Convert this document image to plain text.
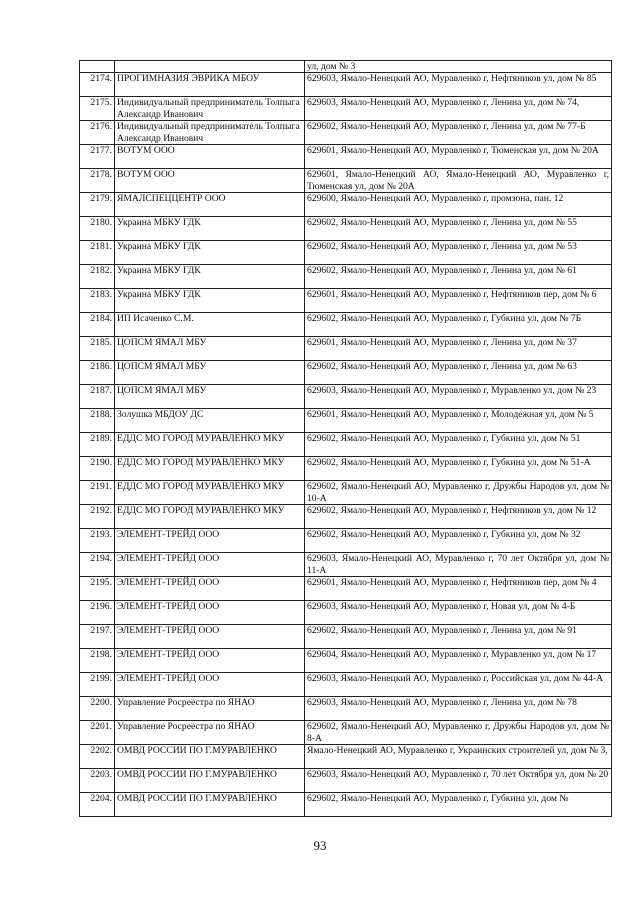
		ул, дом № 3
2174.	ПРОГИМНАЗИЯ ЭВРИКА МБОУ	629603, Ямало-Ненецкий АО, Муравленко г, Нефтяников ул, дом № 85
2175.	Индивидуальный предприниматель Толпыга Александр Иванович	629603, Ямало-Ненецкий АО, Муравленко г, Ленина ул, дом № 74,
2176.	Индивидуальный предприниматель Толпыга Александр Иванович	629602, Ямало-Ненецкий АО, Муравленко г, Ленина ул, дом № 77-Б
2177.	ВОТУМ ООО	629601, Ямало-Ненецкий АО, Муравленко г, Тюменская ул, дом № 20А
2178.	ВОТУМ ООО	629601, Ямало-Ненецкий АО, Ямало-Ненецкий АО, Муравленко г, Тюменская ул, дом № 20А
2179.	ЯМАЛСПЕЦЦЕНТР ООО	629600, Ямало-Ненецкий АО, Муравленко г, промзона, пан. 12
2180.	Украина МБКУ ГДК	629602, Ямало-Ненецкий АО, Муравленко г, Ленина ул, дом № 55
2181.	Украина МБКУ ГДК	629602, Ямало-Ненецкий АО, Муравленко г, Ленина ул, дом № 53
2182.	Украина МБКУ ГДК	629602, Ямало-Ненецкий АО, Муравленко г, Ленина ул, дом № 61
2183.	Украина МБКУ ГДК	629601, Ямало-Ненецкий АО, Муравленко г, Нефтяников пер, дом № 6
2184.	ИП Исаченко С.М.	629602, Ямало-Ненецкий АО, Муравленко г, Губкина ул, дом № 7Б
2185.	ЦОПСМ ЯМАЛ МБУ	629601, Ямало-Ненецкий АО, Муравленко г, Ленина ул, дом № 37
2186.	ЦОПСМ ЯМАЛ МБУ	629602, Ямало-Ненецкий АО, Муравленко г, Ленина ул, дом № 63
2187.	ЦОПСМ ЯМАЛ МБУ	629603, Ямало-Ненецкий АО, Муравленко г, Муравленко ул, дом № 23
2188.	Золушка МБДОУ ДС	629601, Ямало-Ненецкий АО, Муравленко г, Молодежная ул, дом № 5
2189.	ЕДДС МО ГОРОД МУРАВЛЕНКО МКУ	629602, Ямало-Ненецкий АО, Муравленко г, Губкина ул, дом № 51
2190.	ЕДДС МО ГОРОД МУРАВЛЕНКО МКУ	629602, Ямало-Ненецкий АО, Муравленко г, Губкина ул, дом № 51-А
2191.	ЕДДС МО ГОРОД МУРАВЛЕНКО МКУ	629602, Ямало-Ненецкий АО, Муравленко г, Дружбы Народов ул, дом № 10-А
2192.	ЕДДС МО ГОРОД МУРАВЛЕНКО МКУ	629602, Ямало-Ненецкий АО, Муравленко г, Нефтяников ул, дом № 12
2193.	ЭЛЕМЕНТ-ТРЕЙД ООО	629602, Ямало-Ненецкий АО, Муравленко г, Губкина ул, дом № 32
2194.	ЭЛЕМЕНТ-ТРЕЙД ООО	629603, Ямало-Ненецкий АО, Муравленко г, 70 лет Октября ул, дом № 11-А
2195.	ЭЛЕМЕНТ-ТРЕЙД ООО	629601, Ямало-Ненецкий АО, Муравленко г, Нефтяников пер, дом № 4
2196.	ЭЛЕМЕНТ-ТРЕЙД ООО	629603, Ямало-Ненецкий АО, Муравленко г, Новая ул, дом № 4-Б
2197.	ЭЛЕМЕНТ-ТРЕЙД ООО	629602, Ямало-Ненецкий АО, Муравленко г, Ленина ул, дом № 91
2198.	ЭЛЕМЕНТ-ТРЕЙД ООО	629604, Ямало-Ненецкий АО, Муравленко г, Муравленко ул, дом № 17
2199.	ЭЛЕМЕНТ-ТРЕЙД ООО	629603, Ямало-Ненецкий АО, Муравленко г, Российская ул, дом № 44-А
2200.	Управление Росреестра по ЯНАО	629603, Ямало-Ненецкий АО, Муравленко г, Ленина ул, дом № 78
2201.	Управление Росреестра по ЯНАО	629602, Ямало-Ненецкий АО, Муравленко г, Дружбы Народов ул, дом № 8-А
2202.	ОМВД РОССИИ ПО Г.МУРАВЛЕНКО	Ямало-Ненецкий АО, Муравленко г, Украинских строителей ул, дом № 3,
2203.	ОМВД РОССИИ ПО Г.МУРАВЛЕНКО	629603, Ямало-Ненецкий АО, Муравленко г, 70 лет Октября ул, дом № 20
2204.	ОМВД РОССИИ ПО Г.МУРАВЛЕНКО	629602, Ямало-Ненецкий АО, Муравленко г, Губкина ул, дом №
93
